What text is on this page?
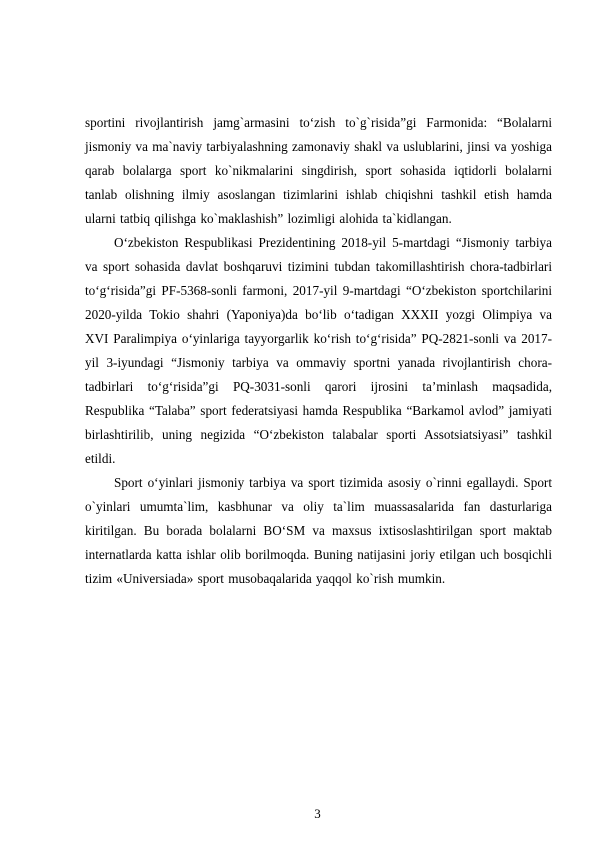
sportini rivojlantirish jamg`armasini to‘zish to`g`risida”gi Farmonida: “Bolalarni jismoniy va ma`naviy tarbiyalashning zamonaviy shakl va uslublarini, jinsi va yoshiga qarab bolalarga sport ko`nikmalarini singdirish, sport sohasida iqtidorli bolalarni tanlab olishning ilmiy asoslangan tizimlarini ishlab chiqishni tashkil etish hamda ularni tatbiq qilishga ko`maklashish” lozimligi alohida ta`kidlangan.

O‘zbekiston Respublikasi Prezidentining 2018-yil 5-martdagi “Jismoniy tarbiya va sport sohasida davlat boshqaruvi tizimini tubdan takomillashtirish chora-tadbirlari to‘g‘risida”gi PF-5368-sonli farmoni, 2017-yil 9-martdagi “O‘zbekiston sportchilarini 2020-yilda Tokio shahri (Yaponiya)da bo‘lib o‘tadigan XXXII yozgi Olimpiya va XVI Paralimpiya o‘yinlariga tayyorgarlik ko‘rish to‘g‘risida” PQ-2821-sonli va 2017-yil 3-iyundagi “Jismoniy tarbiya va ommaviy sportni yanada rivojlantirish chora-tadbirlari to‘g‘risida”gi PQ-3031-sonli qarori ijrosini ta’minlash maqsadida, Respublika “Talaba” sport federatsiyasi hamda Respublika “Barkamol avlod” jamiyati birlashtirilib, uning negizida “O‘zbekiston talabalar sporti Assotsiatsiyasi” tashkil etildi.

Sport o‘yinlari jismoniy tarbiya va sport tizimida asosiy o`rinni egallaydi. Sport o`yinlari umumta`lim, kasbhunar va oliy ta`lim muassasalarida fan dasturlariga kiritilgan. Bu borada bolalarni BO‘SM va maxsus ixtisoslashtirilgan sport maktab internatlarda katta ishlar olib borilmoqda. Buning natijasini joriy etilgan uch bosqichli tizim «Universiada» sport musobaqalarida yaqqol ko`rish mumkin.

3
